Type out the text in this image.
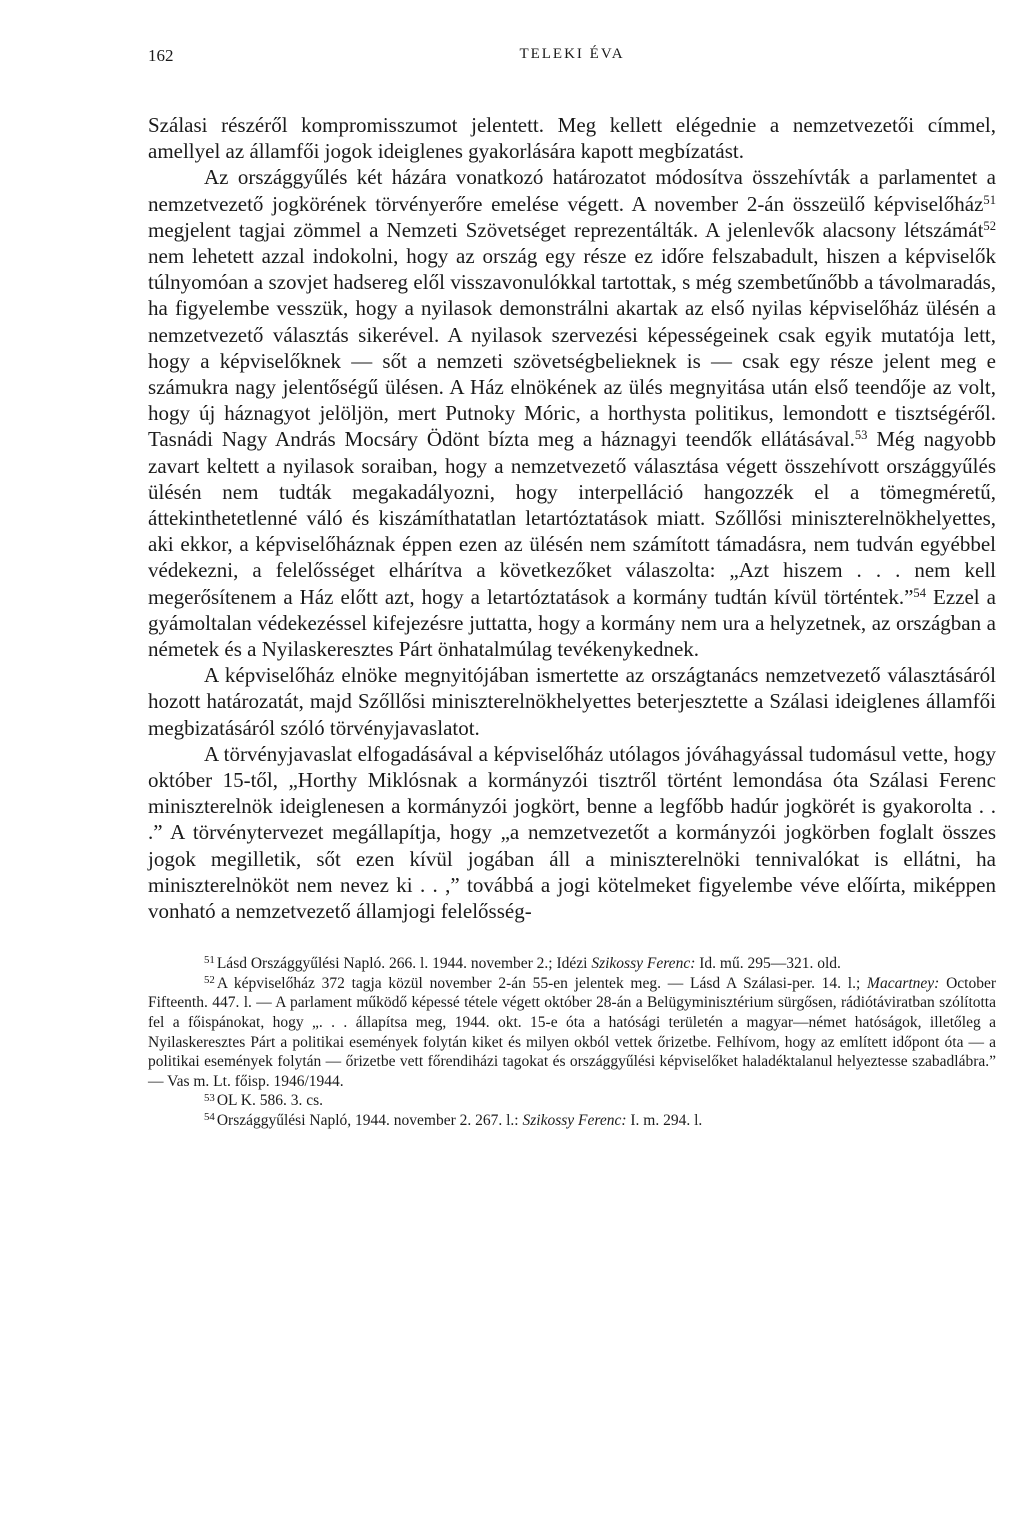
162	TELEKI ÉVA

Szálasi részéről kompromisszumot jelentett. Meg kellett elégednie a nemzetvezetői címmel, amellyel az államfői jogok ideiglenes gyakorlására kapott megbízatást.

Az országgyűlés két házára vonatkozó határozatot módosítva összehívták a parlamentet a nemzetvezető jogkörének törvényerőre emelése végett. A november 2-án összeülő képviselőház$^{51}$ megjelent tagjai zömmel a Nemzeti Szövetséget reprezentálták. A jelenlevők alacsony létszámát$^{52}$ nem lehetett azzal indokolni, hogy az ország egy része ez időre felszabadult, hiszen a képviselők túlnyomóan a szovjet hadsereg elől visszavonulókkal tartottak, s még szembetűnőbb a távolmaradás, ha figyelembe vesszük, hogy a nyilasok demonstrálni akartak az első nyilas képviselőház ülésén a nemzetvezető választás sikerével. A nyilasok szervezési képességeinek csak egyik mutatója lett, hogy a képviselőknek — sőt a nemzeti szövetségbelieknek is — csak egy része jelent meg e számukra nagy jelentőségű ülésen. A Ház elnökének az ülés megnyitása után első teendője az volt, hogy új háznagyot jelöljön, mert Putnoky Móric, a horthysta politikus, lemondott e tisztségéről. Tasnádi Nagy András Mocsáry Ödönt bízta meg a háznagyi teendők ellátásával.$^{53}$ Még nagyobb zavart keltett a nyilasok soraiban, hogy a nemzetvezető választása végett összehívott országgyűlés ülésén nem tudták megakadályozni, hogy interpelláció hangozzék el a tömegméretű, áttekinthetetlenné váló és kiszámíthatatlan letartóztatások miatt. Szőllősi miniszterelnökhelyettes, aki ekkor, a képviselőháznak éppen ezen az ülésén nem számított támadásra, nem tudván egyébbel védekezni, a felelősséget elhárítva a következőket válaszolta: „Azt hiszem . . . nem kell megerősítenem a Ház előtt azt, hogy a letartóztatások a kormány tudtán kívül történtek.”$^{54}$ Ezzel a gyámoltalan védekezéssel kifejezésre juttatta, hogy a kormány nem ura a helyzetnek, az országban a németek és a Nyilaskeresztes Párt önhatalmúlag tevékenykednek.

A képviselőház elnöke megnyitójában ismertette az országtanács nemzetvezető választásáról hozott határozatát, majd Szőllősi miniszterelnökhelyettes beterjesztette a Szálasi ideiglenes államfői megbizatásáról szóló törvényjavaslatot.

A törvényjavaslat elfogadásával a képviselőház utólagos jóváhagyással tudomásul vette, hogy október 15-től, „Horthy Miklósnak a kormányzói tisztről történt lemondása óta Szálasi Ferenc miniszterelnök ideiglenesen a kormányzói jogkört, benne a legfőbb hadúr jogkörét is gyakorolta . . .” A törvénytervezet megállapítja, hogy „a nemzetvezetőt a kormányzói jogkörben foglalt összes jogok megilletik, sőt ezen kívül jogában áll a miniszterelnöki tennivalókat is ellátni, ha miniszterelnököt nem nevez ki . . ,” továbbá a jogi kötelmeket figyelembe véve előírta, miképpen vonható a nemzetvezető államjogi felelősség-

$^{51}$ Lásd Országgyűlési Napló. 266. l. 1944. november 2.; Idézi Szikossy Ferenc: Id. mű. 295—321. old.

$^{52}$ A képviselőház 372 tagja közül november 2-án 55-en jelentek meg. — Lásd A Szálasi-per. 14. l.; Macartney: October Fifteenth. 447. l. — A parlament működő képessé tétele végett október 28-án a Belügyminisztérium sürgősen, rádiótáviratban szólította fel a főispánokat, hogy „. . . állapítsa meg, 1944. okt. 15-e óta a hatósági területén a magyar—német hatóságok, illetőleg a Nyilaskeresztes Párt a politikai események folytán kiket és milyen okból vettek őrizetbe. Felhívom, hogy az említett időpont óta — a politikai események folytán — őrizetbe vett főrendiházi tagokat és országgyűlési képviselőket haladéktalanul helyeztesse szabadlábra.” — Vas m. Lt. főisp. 1946/1944.

$^{53}$ OL K. 586. 3. cs.

$^{54}$ Országgyűlési Napló, 1944. november 2. 267. l.: Szikossy Ferenc: I. m. 294. l.
